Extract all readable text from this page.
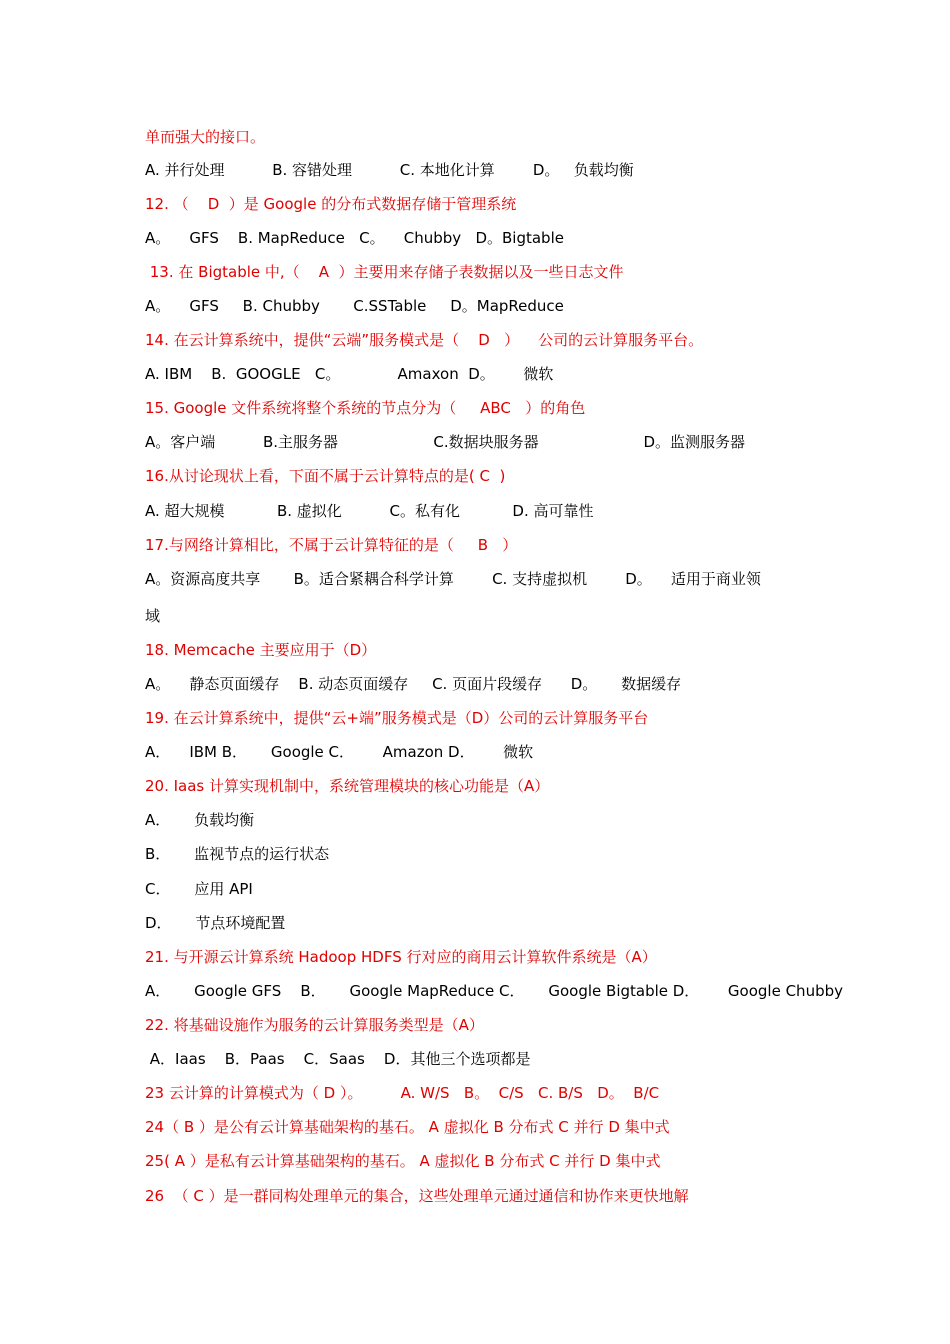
单而强大的接口。
A. 并行处理          B. 容错处理          C. 本地化计算        D。   负载均衡
12. （    D  ）是 Google 的分布式数据存储于管理系统
A。    GFS    B. MapReduce   C。    Chubby   D。Bigtable
13. 在 Bigtable 中,（    A  ）主要用来存储子表数据以及一些日志文件
A。    GFS     B. Chubby       C.SSTable     D。MapReduce
14. 在云计算系统中，提供“云端”服务模式是（    D   ）    公司的云计算服务平台。
A. IBM    B.  GOOGLE   C。            Amaxon  D。      微软
15. Google 文件系统将整个系统的节点分为（     ABC   ）的角色
A。客户端          B.主服务器                    C.数据块服务器                      D。监测服务器
16.从讨论现状上看，下面不属于云计算特点的是( C  )
A. 超大规模           B. 虚拟化          C。私有化           D. 高可靠性
17.与网络计算相比，不属于云计算特征的是（     B   ）
A。资源高度共享       B。适合紧耦合科学计算        C. 支持虚拟机        D。    适用于商业领
域
18. Memcache 主要应用于（D）
A。    静态页面缓存    B. 动态页面缓存     C. 页面片段缓存      D。     数据缓存
19. 在云计算系统中，提供“云+端”服务模式是（D）公司的云计算服务平台
A．    IBM B．     Google C．      Amazon D．      微软
20. Iaas 计算实现机制中，系统管理模块的核心功能是（A）
A．     负载均衡
B．     监视节点的运行状态
C．     应用 API
D．     节点环境配置
21. 与开源云计算系统 Hadoop HDFS 行对应的商用云计算软件系统是（A）
A．     Google GFS    B．     Google MapReduce C．     Google Bigtable D．      Google Chubby
22. 将基础设施作为服务的云计算服务类型是（A）
A．Iaas    B．Paas    C．Saas    D．其他三个选项都是
23 云计算的计算模式为（ D ）。        A. W/S   B。  C/S   C. B/S   D。  B/C
24（ B ）是公有云计算基础架构的基石。 A 虚拟化 B 分布式 C 并行 D 集中式
25( A ）是私有云计算基础架构的基石。 A 虚拟化 B 分布式 C 并行 D 集中式
26  （ C ）是一群同构处理单元的集合，这些处理单元通过通信和协作来更快地解
